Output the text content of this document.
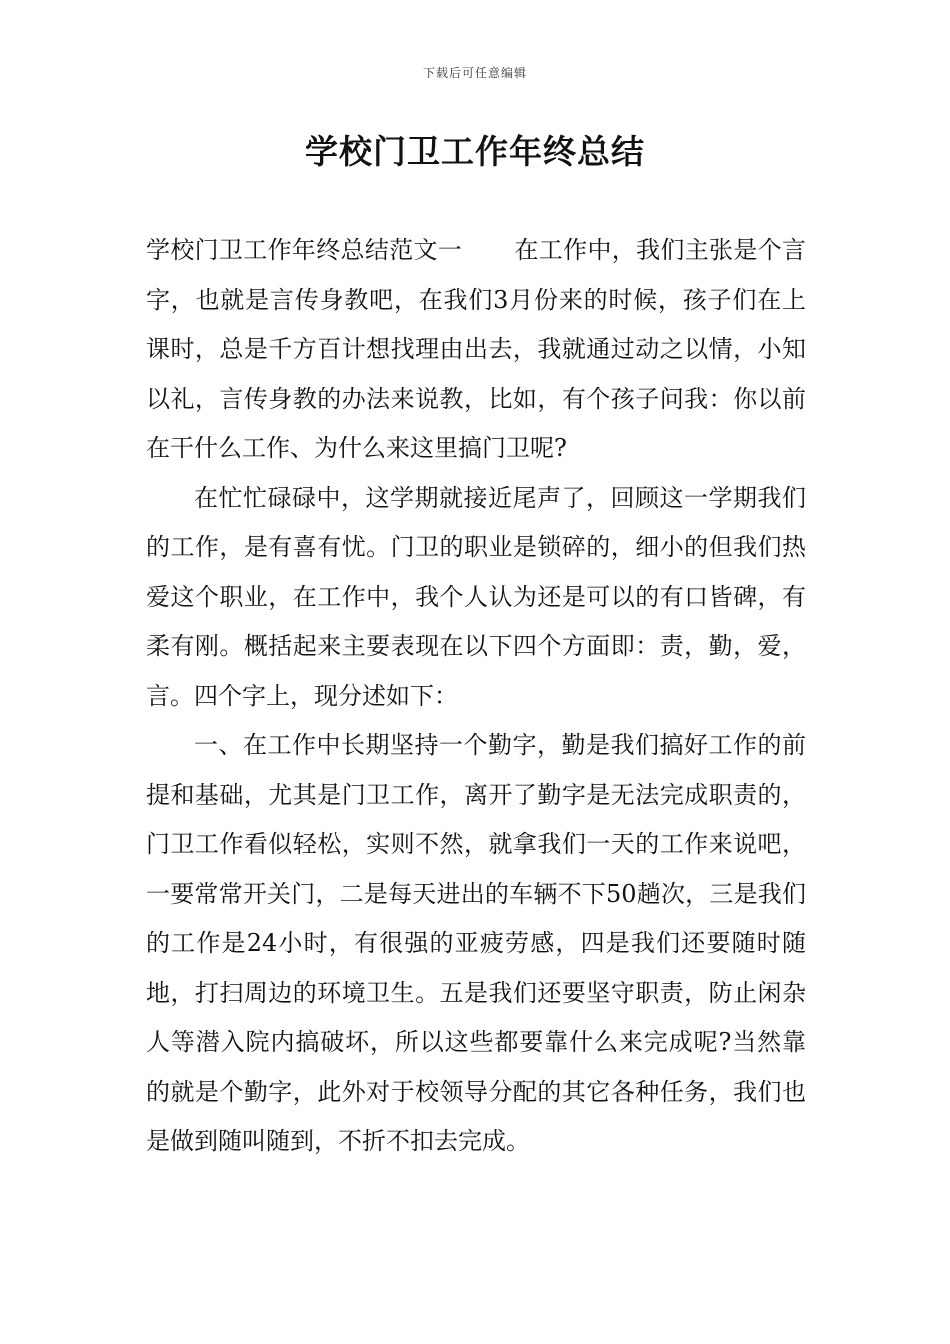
下载后可任意编辑
学校门卫工作年终总结

学校门卫工作年终总结范文一 在工作中，我们主张是个言字，也就是言传身教吧，在我们3月份来的时候，孩子们在上课时，总是千方百计想找理由出去，我就通过动之以情，小知以礼，言传身教的办法来说教，比如，有个孩子问我：你以前在干什么工作、为什么来这里搞门卫呢?

在忙忙碌碌中，这学期就接近尾声了，回顾这一学期我们的工作，是有喜有忧。门卫的职业是锁碎的，细小的但我们热爱这个职业，在工作中，我个人认为还是可以的有口皆碑，有柔有刚。概括起来主要表现在以下四个方面即：责，勤，爱，言。四个字上，现分述如下：

一、在工作中长期坚持一个勤字，勤是我们搞好工作的前提和基础，尤其是门卫工作，离开了勤字是无法完成职责的，门卫工作看似轻松，实则不然，就拿我们一天的工作来说吧，一要常常开关门，二是每天进出的车辆不下50趟次，三是我们的工作是24小时，有很强的亚疲劳感，四是我们还要随时随地，打扫周边的环境卫生。五是我们还要坚守职责，防止闲杂人等潜入院内搞破坏，所以这些都要靠什么来完成呢?当然靠的就是个勤字，此外对于校领导分配的其它各种任务，我们也是做到随叫随到，不折不扣去完成。
